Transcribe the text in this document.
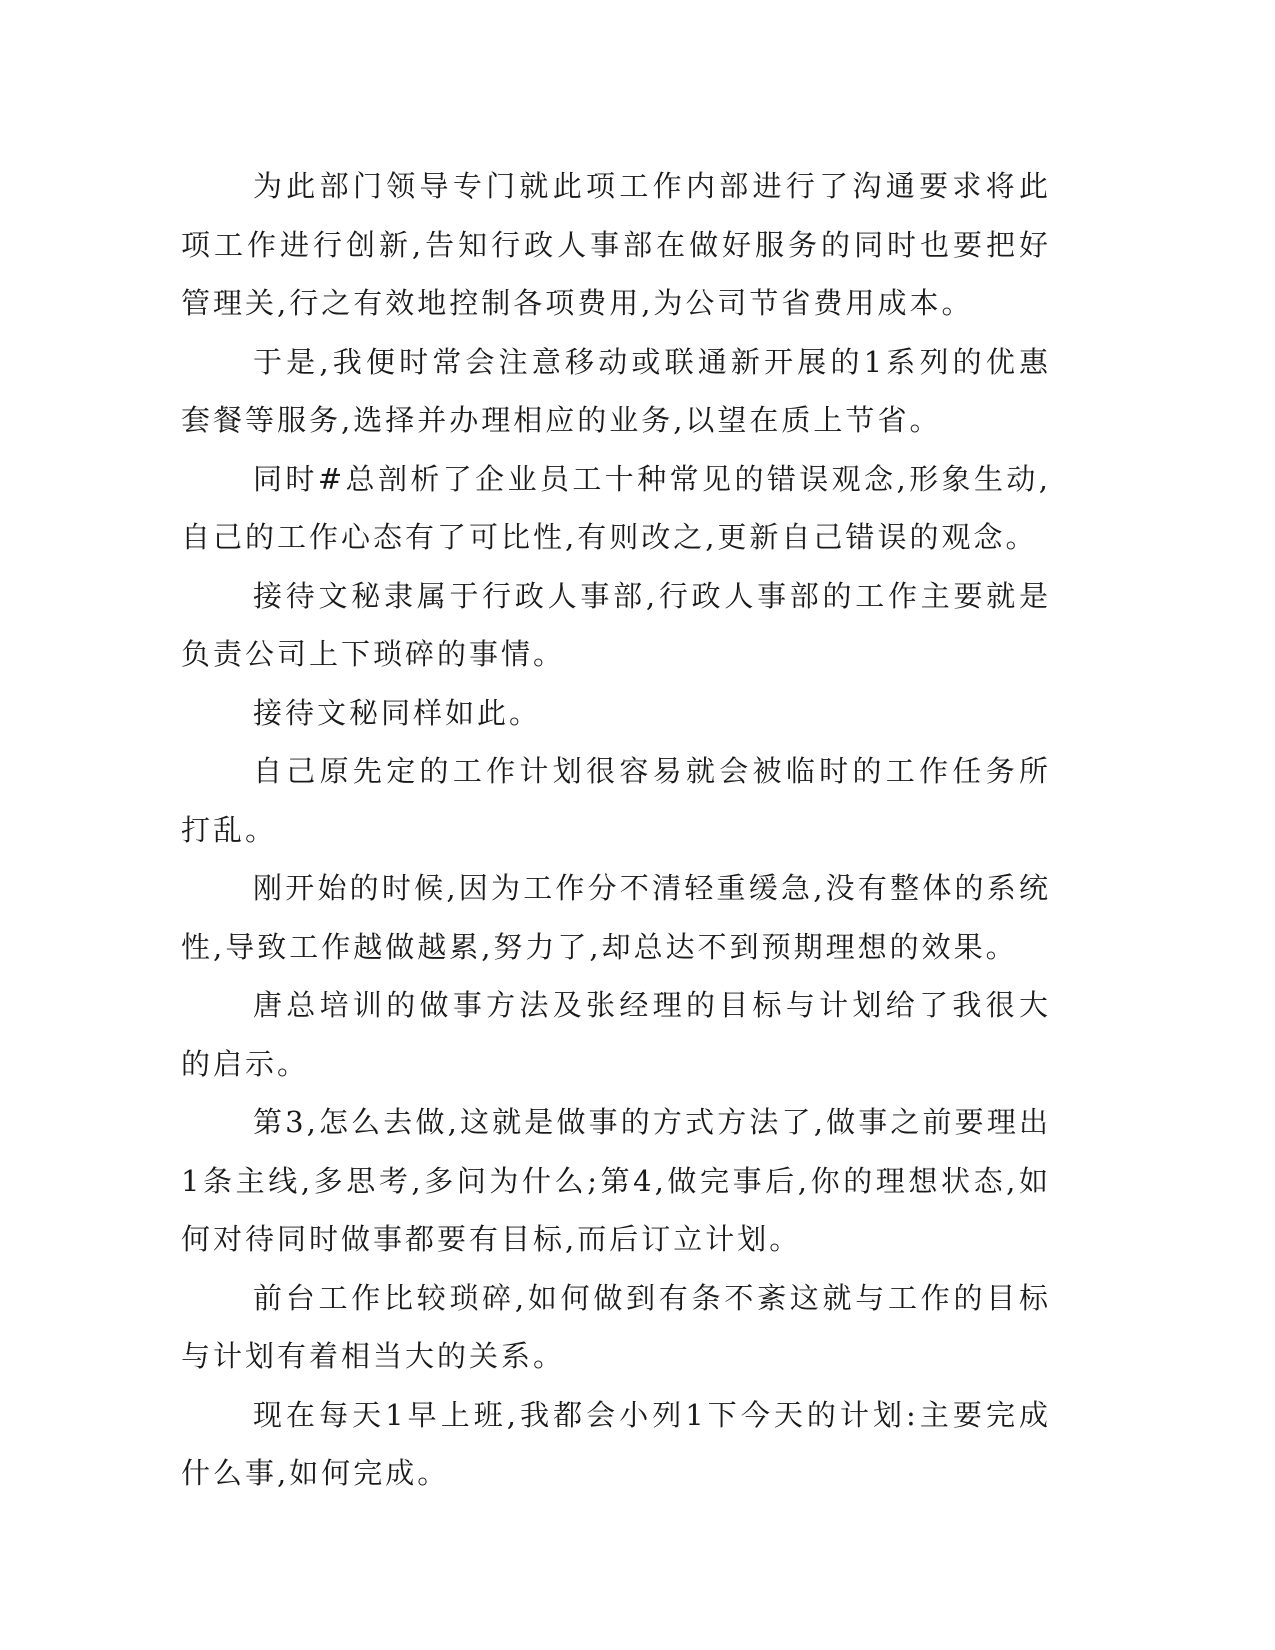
为此部门领导专门就此项工作内部进行了沟通要求将此项工作进行创新,告知行政人事部在做好服务的同时也要把好管理关,行之有效地控制各项费用,为公司节省费用成本。

于是,我便时常会注意移动或联通新开展的1系列的优惠套餐等服务,选择并办理相应的业务,以望在质上节省。

同时#总剖析了企业员工十种常见的错误观念,形象生动,自己的工作心态有了可比性,有则改之,更新自己错误的观念。

接待文秘隶属于行政人事部,行政人事部的工作主要就是负责公司上下琐碎的事情。

接待文秘同样如此。

自己原先定的工作计划很容易就会被临时的工作任务所打乱。

刚开始的时候,因为工作分不清轻重缓急,没有整体的系统性,导致工作越做越累,努力了,却总达不到预期理想的效果。

唐总培训的做事方法及张经理的目标与计划给了我很大的启示。

第3,怎么去做,这就是做事的方式方法了,做事之前要理出1条主线,多思考,多问为什么;第4,做完事后,你的理想状态,如何对待同时做事都要有目标,而后订立计划。

前台工作比较琐碎,如何做到有条不紊这就与工作的目标与计划有着相当大的关系。

现在每天1早上班,我都会小列1下今天的计划:主要完成什么事,如何完成。
